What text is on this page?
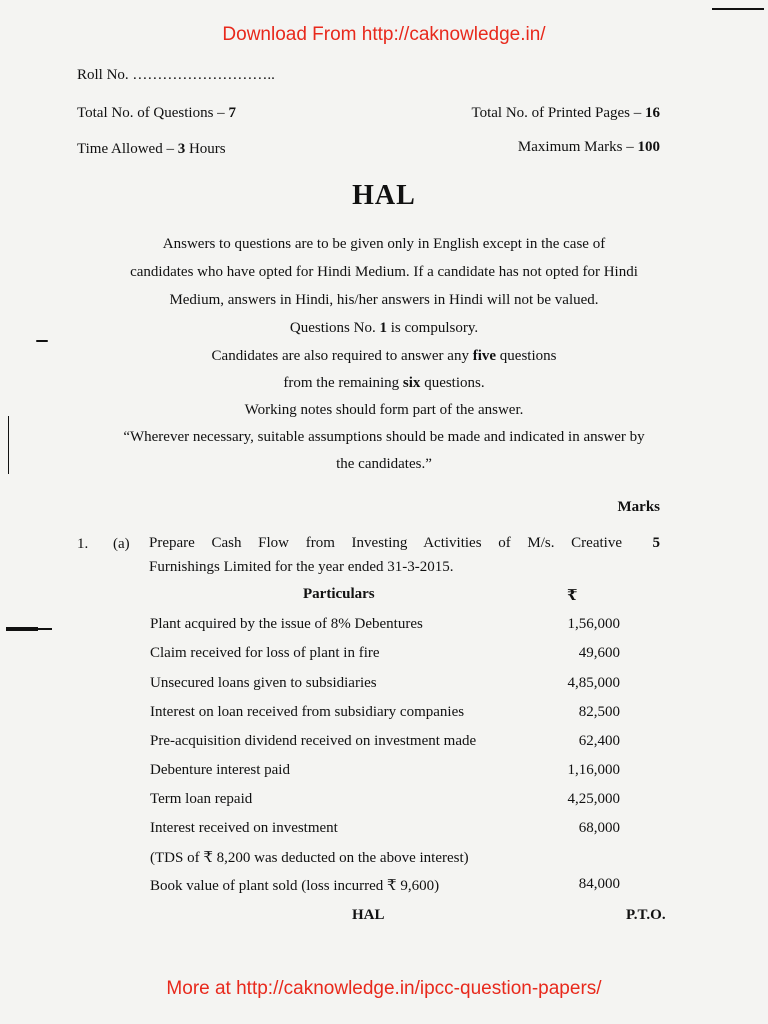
Download From http://caknowledge.in/
Roll No. ………………………..
Total No. of Questions – 7	Total No. of Printed Pages – 16
Time Allowed – 3 Hours	Maximum Marks – 100
HAL
Answers to questions are to be given only in English except in the case of
candidates who have opted for Hindi Medium. If a candidate has not opted for Hindi
Medium, answers in Hindi, his/her answers in Hindi will not be valued.
Questions No. 1 is compulsory.
Candidates are also required to answer any five questions
from the remaining six questions.
Working notes should form part of the answer.
“Wherever necessary, suitable assumptions should be made and indicated in answer by
the candidates.”
Marks
1. (a) Prepare Cash Flow from Investing Activities of M/s. Creative 5
Furnishings Limited for the year ended 31-3-2015.
Particulars	₹
Plant acquired by the issue of 8% Debentures	1,56,000
Claim received for loss of plant in fire	49,600
Unsecured loans given to subsidiaries	4,85,000
Interest on loan received from subsidiary companies	82,500
Pre-acquisition dividend received on investment made	62,400
Debenture interest paid	1,16,000
Term loan repaid	4,25,000
Interest received on investment	68,000
(TDS of ₹ 8,200 was deducted on the above interest)
Book value of plant sold (loss incurred ₹ 9,600)	84,000
HAL	P.T.O.
More at http://caknowledge.in/ipcc-question-papers/
